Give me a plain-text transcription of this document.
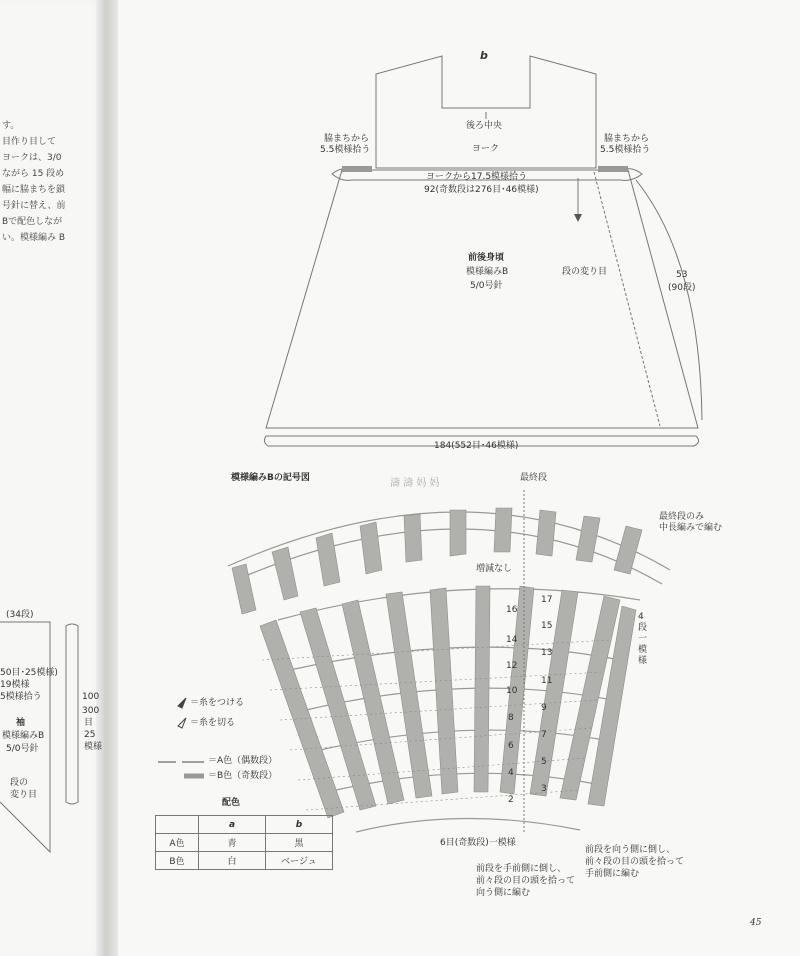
す。
目作り目して
ヨークは、3/0
ながら 15 段め
幅に脇まちを鎖
号針に替え、前
Bで配色しなが
い。模様編み B
(34段)
50目･25模様)
19模様
5模様拾う
袖
模様編みB
5/0号針
段の
変り目
100
300
目
25
模様
b
後ろ中央
ヨーク
脇まちから
5.5模様拾う
脇まちから
5.5模様拾う
ヨークから17.5模様拾う
92(奇数段は276目･46模様)
前後身頃
模様編みB
5/0号針
段の変り目	53
(90段)
184(552目･46模様)
模様編みBの記号図	濤 濤 妈 妈	最終段
最終段のみ
中長編みで編む
増減なし
4
段
一
模
様
16
14
12
10
8
6
4
2
17
15
13
11
9
7
5
3
6目(奇数段)一模様
前段を手前側に倒し、
前々段の目の頭を拾って
向う側に編む
前段を向う側に倒し、
前々段の目の頭を拾って
手前側に編む
＝糸をつける
＝糸を切る
＝A色（偶数段）
＝B色（奇数段）
配色
	a	b
A色	青	黒
B色	白	ベージュ
45
